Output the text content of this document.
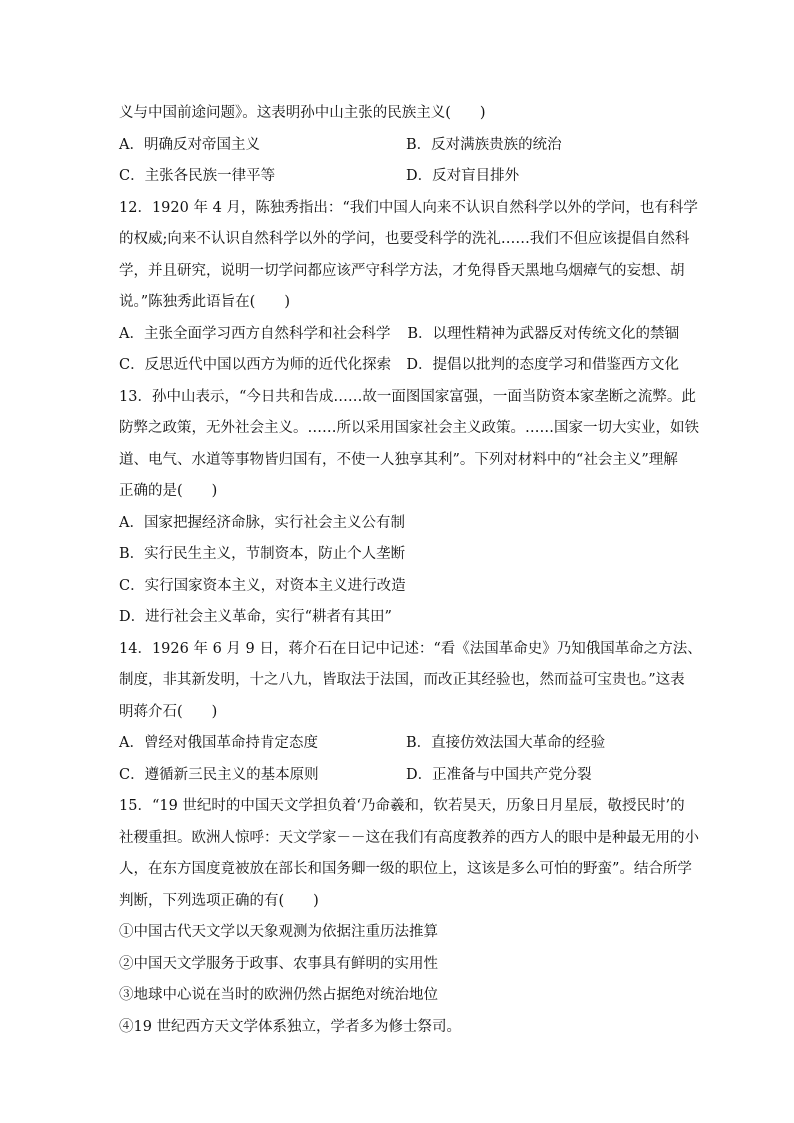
义与中国前途问题》。这表明孙中山主张的民族主义(　　)
A．明确反对帝国主义	B．反对满族贵族的统治
C．主张各民族一律平等	D．反对盲目排外
12．1920 年 4 月，陈独秀指出：“我们中国人向来不认识自然科学以外的学问，也有科学
的权威;向来不认识自然科学以外的学问，也要受科学的洗礼……我们不但应该提倡自然科
学，并且研究，说明一切学问都应该严守科学方法，才免得昏天黑地乌烟瘴气的妄想、胡
说。”陈独秀此语旨在(　　)
A．主张全面学习西方自然科学和社会科学	B．以理性精神为武器反对传统文化的禁锢
C．反思近代中国以西方为师的近代化探索	D．提倡以批判的态度学习和借鉴西方文化
13．孙中山表示，“今日共和告成……故一面图国家富强，一面当防资本家垄断之流弊。此
防弊之政策，无外社会主义。……所以采用国家社会主义政策。……国家一切大实业，如铁
道、电气、水道等事物皆归国有，不使一人独享其利”。下列对材料中的“社会主义”理解
正确的是(　　)
A．国家把握经济命脉，实行社会主义公有制
B．实行民生主义，节制资本，防止个人垄断
C．实行国家资本主义，对资本主义进行改造
D．进行社会主义革命，实行“耕者有其田”
14．1926 年 6 月 9 日，蒋介石在日记中记述：“看《法国革命史》乃知俄国革命之方法、
制度，非其新发明，十之八九，皆取法于法国，而改正其经验也，然而益可宝贵也。”这表
明蒋介石(　　)
A．曾经对俄国革命持肯定态度	B．直接仿效法国大革命的经验
C．遵循新三民主义的基本原则	D．正准备与中国共产党分裂
15．“19 世纪时的中国天文学担负着‘乃命羲和，钦若昊天，历象日月星辰，敬授民时’的
社稷重担。欧洲人惊呼：天文学家－－这在我们有高度教养的西方人的眼中是种最无用的小
人，在东方国度竟被放在部长和国务卿一级的职位上，这该是多么可怕的野蛮”。结合所学
判断，下列选项正确的有(　　)
①中国古代天文学以天象观测为依据注重历法推算
②中国天文学服务于政事、农事具有鲜明的实用性
③地球中心说在当时的欧洲仍然占据绝对统治地位
④19 世纪西方天文学体系独立，学者多为修士祭司。
